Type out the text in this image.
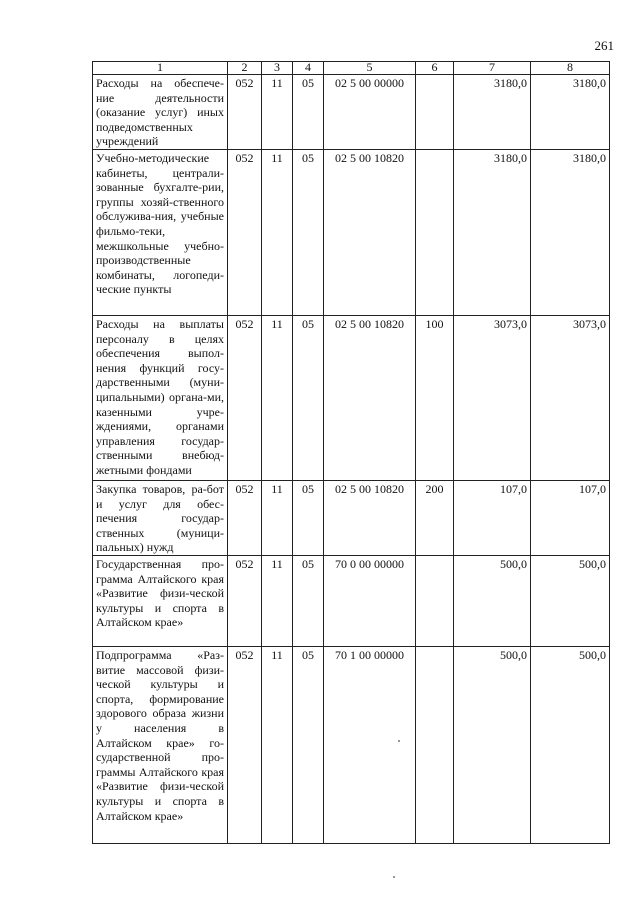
261
1	2	3	4	5	6	7	8
Расходы на обеспече-ние деятельности (оказание услуг) иных подведомственных учреждений	052	11	05	02 5 00 00000		3180,0	3180,0
Учебно-методические кабинеты, централи-зованные бухгалте-рии, группы хозяй-ственного обслужива-ния, учебные фильмо-теки, межшкольные учебно-производственные комбинаты, логопеди-ческие пункты	052	11	05	02 5 00 10820		3180,0	3180,0
Расходы на выплаты персоналу в целях обеспечения выпол-нения функций госу-дарственными (муни-ципальными) органа-ми, казенными учре-ждениями, органами управления государ-ственными внебюд-жетными фондами	052	11	05	02 5 00 10820	100	3073,0	3073,0
Закупка товаров, ра-бот и услуг для обес-печения государ-ственных (муници-пальных) нужд	052	11	05	02 5 00 10820	200	107,0	107,0
Государственная про-грамма Алтайского края «Развитие физи-ческой культуры и спорта в Алтайском крае»	052	11	05	70 0 00 00000		500,0	500,0
Подпрограмма «Раз-витие массовой физи-ческой культуры и спорта, формирование здорового образа жизни у населения в Алтайском крае» го-сударственной про-граммы Алтайского края «Развитие физи-ческой культуры и спорта в Алтайском крае»	052	11	05	70 1 00 00000		500,0	500,0
